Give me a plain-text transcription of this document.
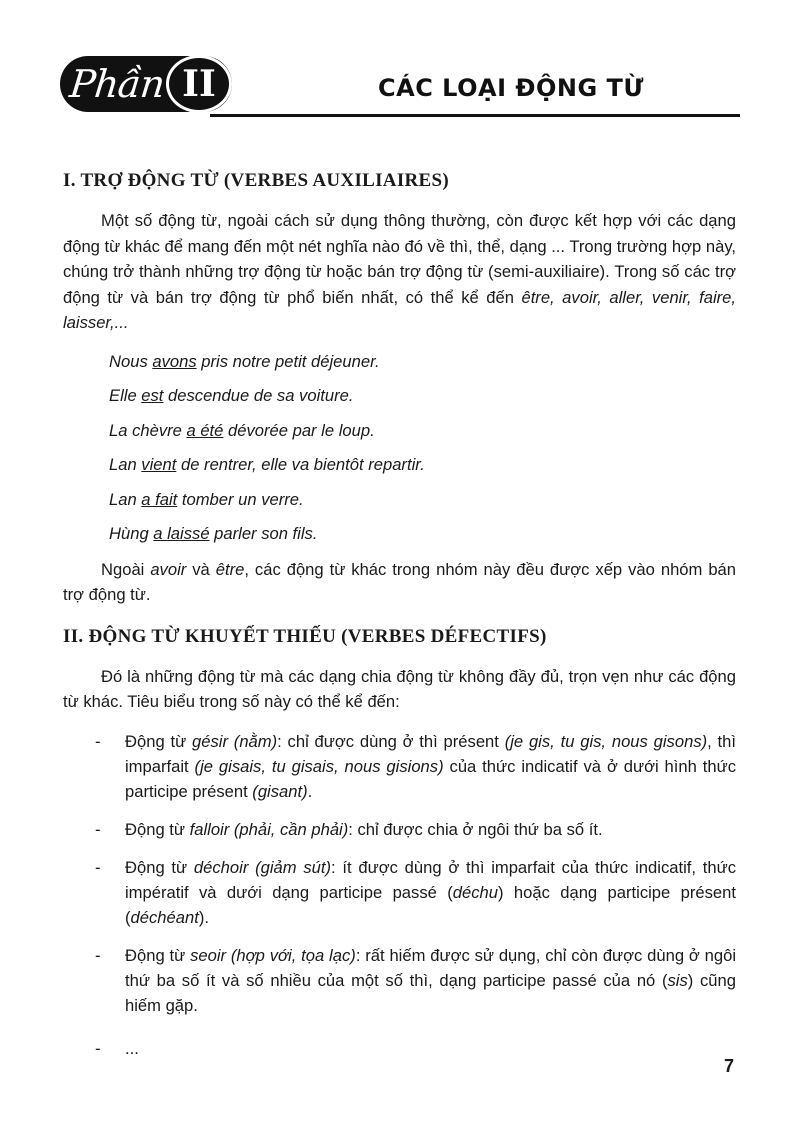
Phần II	CÁC LOẠI ĐỘNG TỪ
I. TRỢ ĐỘNG TỪ (VERBES AUXILIAIRES)

Một số động từ, ngoài cách sử dụng thông thường, còn được kết hợp với các dạng động từ khác để mang đến một nét nghĩa nào đó về thì, thể, dạng ... Trong trường hợp này, chúng trở thành những trợ động từ hoặc bán trợ động từ (semi-auxiliaire). Trong số các trợ động từ và bán trợ động từ phổ biến nhất, có thể kể đến être, avoir, aller, venir, faire, laisser,...

Nous avons pris notre petit déjeuner.

Elle est descendue de sa voiture.

La chèvre a été dévorée par le loup.

Lan vient de rentrer, elle va bientôt repartir.

Lan a fait tomber un verre.

Hùng a laissé parler son fils.

Ngoài avoir và être, các động từ khác trong nhóm này đều được xếp vào nhóm bán trợ động từ.

II. ĐỘNG TỪ KHUYẾT THIẾU (VERBES DÉFECTIFS)

Đó là những động từ mà các dạng chia động từ không đầy đủ, trọn vẹn như các động từ khác. Tiêu biểu trong số này có thể kể đến:

- Động từ gésir (nằm): chỉ được dùng ở thì présent (je gis, tu gis, nous gisons), thì imparfait (je gisais, tu gisais, nous gisions) của thức indicatif và ở dưới hình thức participe présent (gisant).
- Động từ falloir (phải, cần phải): chỉ được chia ở ngôi thứ ba số ít.
- Động từ déchoir (giảm sút): ít được dùng ở thì imparfait của thức indicatif, thức impératif và dưới dạng participe passé (déchu) hoặc dạng participe présent (déchéant).
- Động từ seoir (hợp với, tọa lạc): rất hiếm được sử dụng, chỉ còn được dùng ở ngôi thứ ba số ít và số nhiều của một số thì, dạng participe passé của nó (sis) cũng hiếm gặp.
- ...
7
